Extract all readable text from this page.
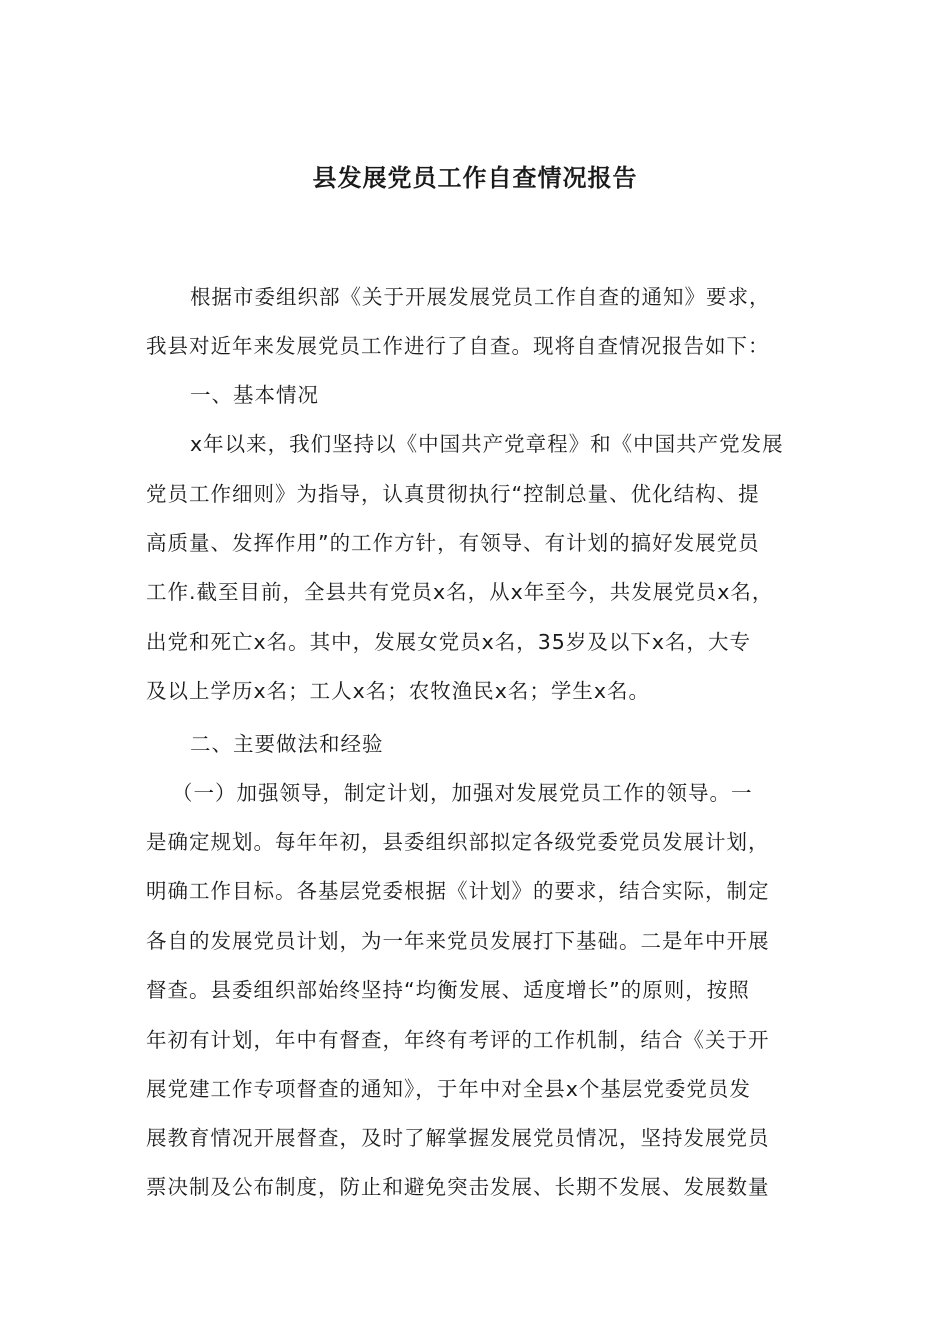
县发展党员工作自查情况报告
根据市委组织部《关于开展发展党员工作自查的通知》要求，
我县对近年来发展党员工作进行了自查。现将自查情况报告如下：
一、基本情况
x年以来，我们坚持以《中国共产党章程》和《中国共产党发展
党员工作细则》为指导，认真贯彻执行“控制总量、优化结构、提
高质量、发挥作用”的工作方针，有领导、有计划的搞好发展党员
工作.截至目前，全县共有党员x名，从x年至今，共发展党员x名，
出党和死亡x名。其中，发展女党员x名，35岁及以下x名，大专
及以上学历x名；工人x名；农牧渔民x名；学生x名。
二、主要做法和经验
（一）加强领导，制定计划，加强对发展党员工作的领导。一
是确定规划。每年年初，县委组织部拟定各级党委党员发展计划，
明确工作目标。各基层党委根据《计划》的要求，结合实际，制定
各自的发展党员计划，为一年来党员发展打下基础。二是年中开展
督查。县委组织部始终坚持“均衡发展、适度增长”的原则，按照
年初有计划，年中有督查，年终有考评的工作机制，结合《关于开
展党建工作专项督查的通知》，于年中对全县x个基层党委党员发
展教育情况开展督查，及时了解掌握发展党员情况，坚持发展党员
票决制及公布制度，防止和避免突击发展、长期不发展、发展数量
